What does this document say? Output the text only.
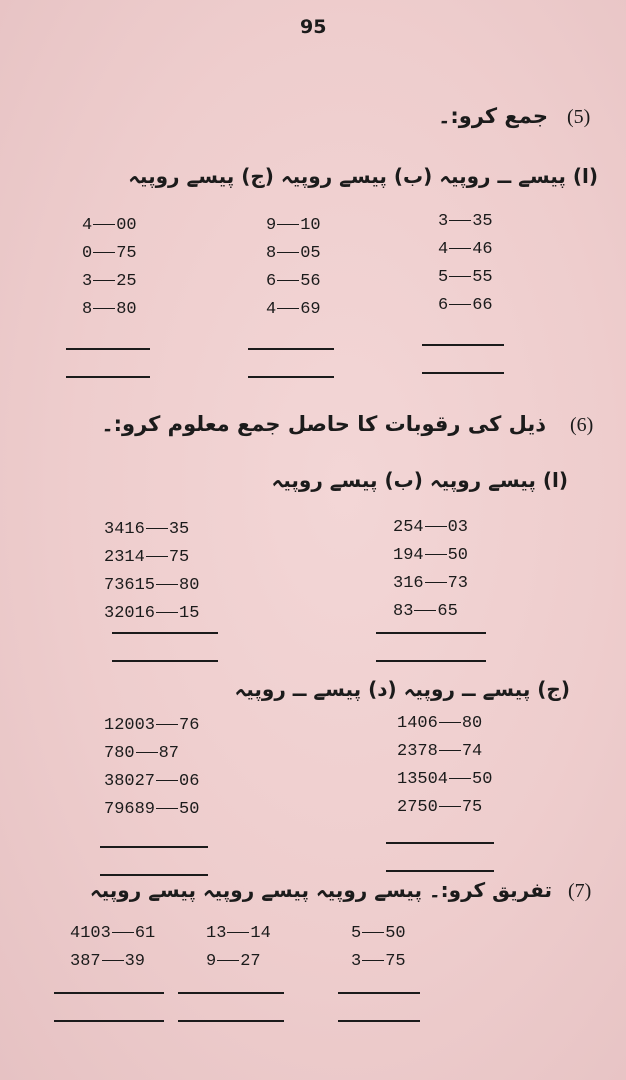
95
(5)
جمع کرو:۔
(ا) پیسے ــ روپیہ (ب) پیسے روپیہ (ج) پیسے روپیہ
3 35
4 46
5 55
6 66
9 10
8 05
6 56
4 69
4 00
0 75
3 25
8 80
(6)
ذیل کی رقوبات کا حاصل جمع معلوم کرو:۔
(ا) پیسے روپیہ (ب) پیسے روپیہ
254 03
194 50
316 73
83 65
3416 35
2314 75
73615 80
32016 15
(ج) پیسے ــ روپیہ (د) پیسے ــ روپیہ
1406 80
2378 74
13504 50
2750 75
12003 76
780 87
38027 06
79689 50
(7)
تفریق کرو:۔ پیسے روپیہ پیسے روپیہ پیسے روپیہ
5 50
3 75
13 14
9 27
4103 61
387 39
